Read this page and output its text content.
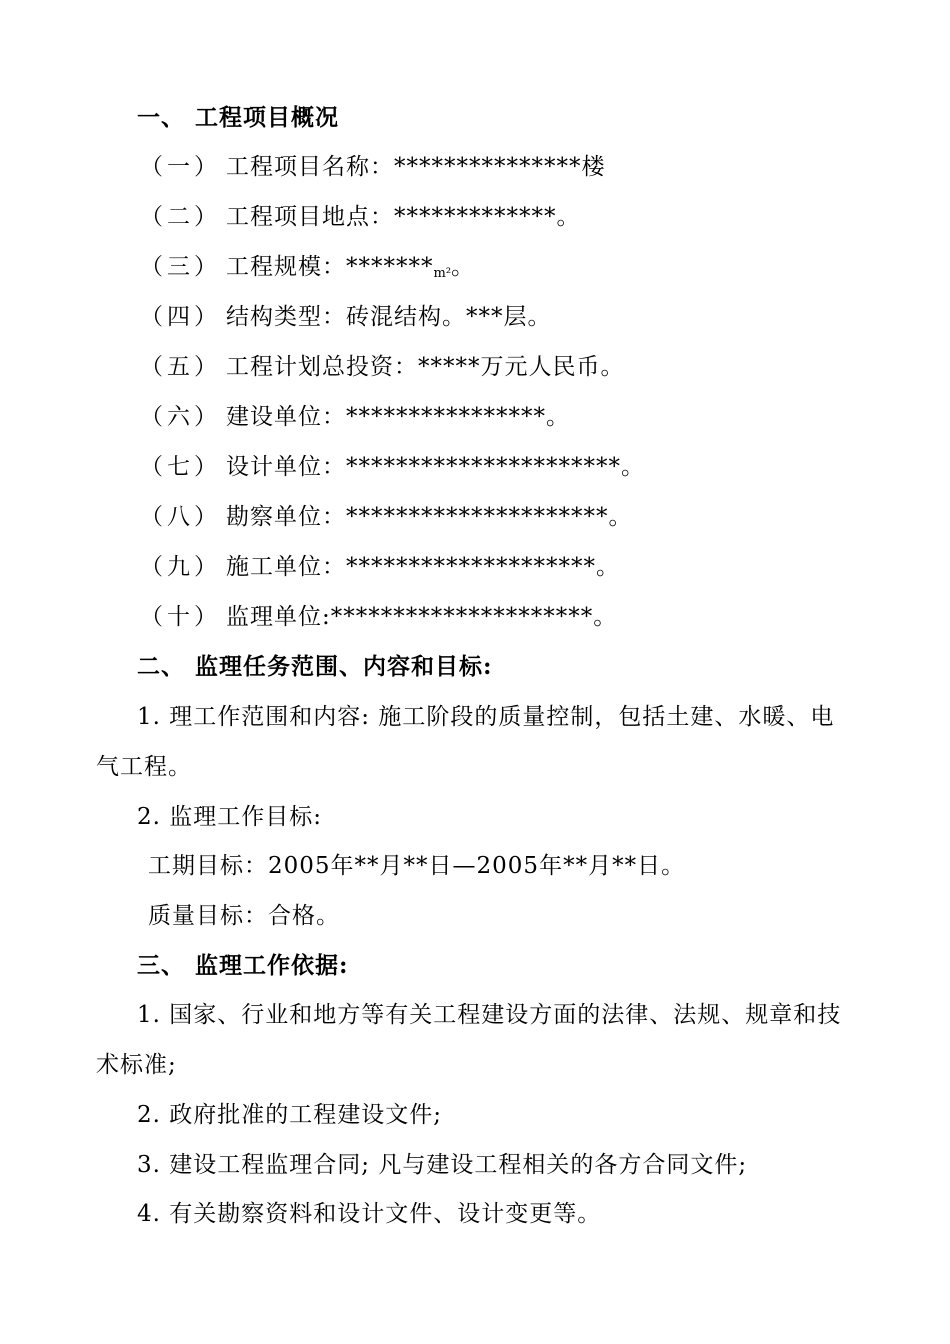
一、 工程项目概况
（一） 工程项目名称：***************楼
（二） 工程项目地点：*************。
（三） 工程规模：*******m²。
（四） 结构类型：砖混结构。***层。
（五） 工程计划总投资：*****万元人民币。
（六） 建设单位：****************。
（七） 设计单位：**********************。
（八） 勘察单位：*********************。
（九） 施工单位：********************。
（十） 监理单位:*********************。
二、 监理任务范围、内容和目标:
1. 理工作范围和内容: 施工阶段的质量控制，包括土建、水暖、电
气工程。
2. 监理工作目标:
工期目标：2005年**月**日—2005年**月**日。
质量目标：合格。
三、 监理工作依据:
1. 国家、行业和地方等有关工程建设方面的法律、法规、规章和技
术标准;
2. 政府批准的工程建设文件;
3. 建设工程监理合同; 凡与建设工程相关的各方合同文件;
4. 有关勘察资料和设计文件、设计变更等。
